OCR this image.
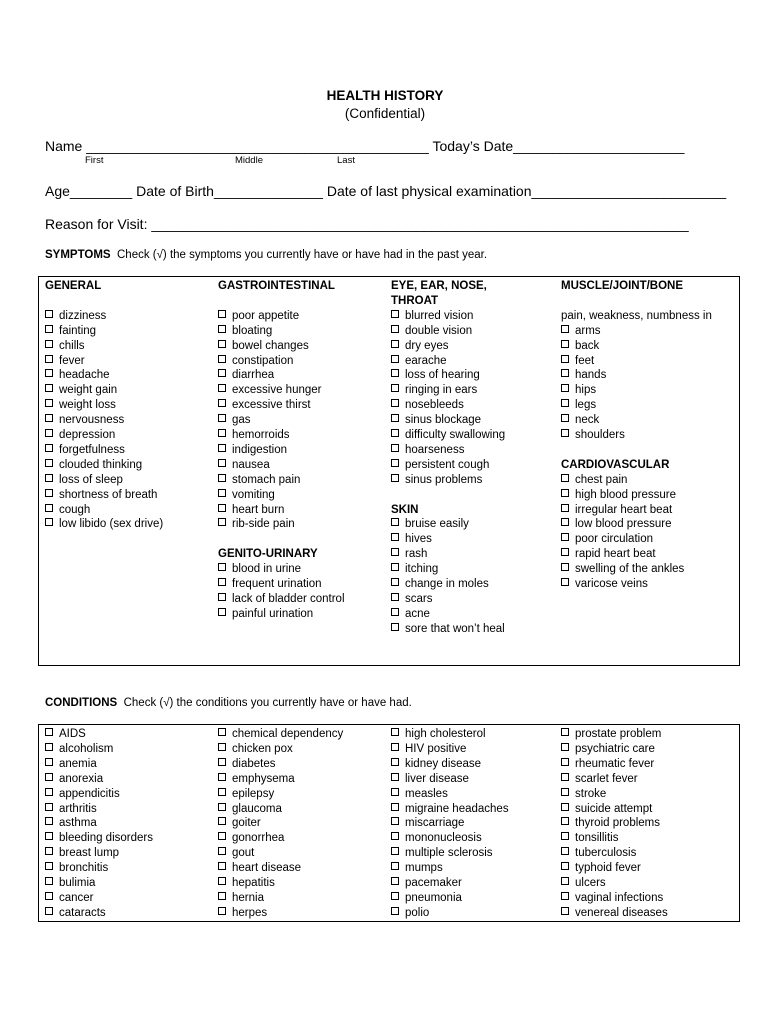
HEALTH HISTORY
(Confidential)
Name ____________________________________________ Today’s Date______________________
First	Middle	Last
Age________ Date of Birth______________ Date of last physical examination_________________________
Reason for Visit: _____________________________________________________________________
SYMPTOMS Check (√) the symptoms you currently have or have had in the past year.
GENERAL
dizziness
fainting
chills
fever
headache
weight gain
weight loss
nervousness
depression
forgetfulness
clouded thinking
loss of sleep
shortness of breath
cough
low libido (sex drive)
GASTROINTESTINAL
poor appetite
bloating
bowel changes
constipation
diarrhea
excessive hunger
excessive thirst
gas
hemorroids
indigestion
nausea
stomach pain
vomiting
heart burn
rib-side pain
GENITO-URINARY
blood in urine
frequent urination
lack of bladder control
painful urination
EYE, EAR, NOSE,
THROAT
blurred vision
double vision
dry eyes
earache
loss of hearing
ringing in ears
nosebleeds
sinus blockage
difficulty swallowing
hoarseness
persistent cough
sinus problems
SKIN
bruise easily
hives
rash
itching
change in moles
scars
acne
sore that won’t heal
MUSCLE/JOINT/BONE
pain, weakness, numbness in
arms
back
feet
hands
hips
legs
neck
shoulders
CARDIOVASCULAR
chest pain
high blood pressure
irregular heart beat
low blood pressure
poor circulation
rapid heart beat
swelling of the ankles
varicose veins
CONDITIONS Check (√) the conditions you currently have or have had.
AIDS
alcoholism
anemia
anorexia
appendicitis
arthritis
asthma
bleeding disorders
breast lump
bronchitis
bulimia
cancer
cataracts
chemical dependency
chicken pox
diabetes
emphysema
epilepsy
glaucoma
goiter
gonorrhea
gout
heart disease
hepatitis
hernia
herpes
high cholesterol
HIV positive
kidney disease
liver disease
measles
migraine headaches
miscarriage
mononucleosis
multiple sclerosis
mumps
pacemaker
pneumonia
polio
prostate problem
psychiatric care
rheumatic fever
scarlet fever
stroke
suicide attempt
thyroid problems
tonsillitis
tuberculosis
typhoid fever
ulcers
vaginal infections
venereal diseases
